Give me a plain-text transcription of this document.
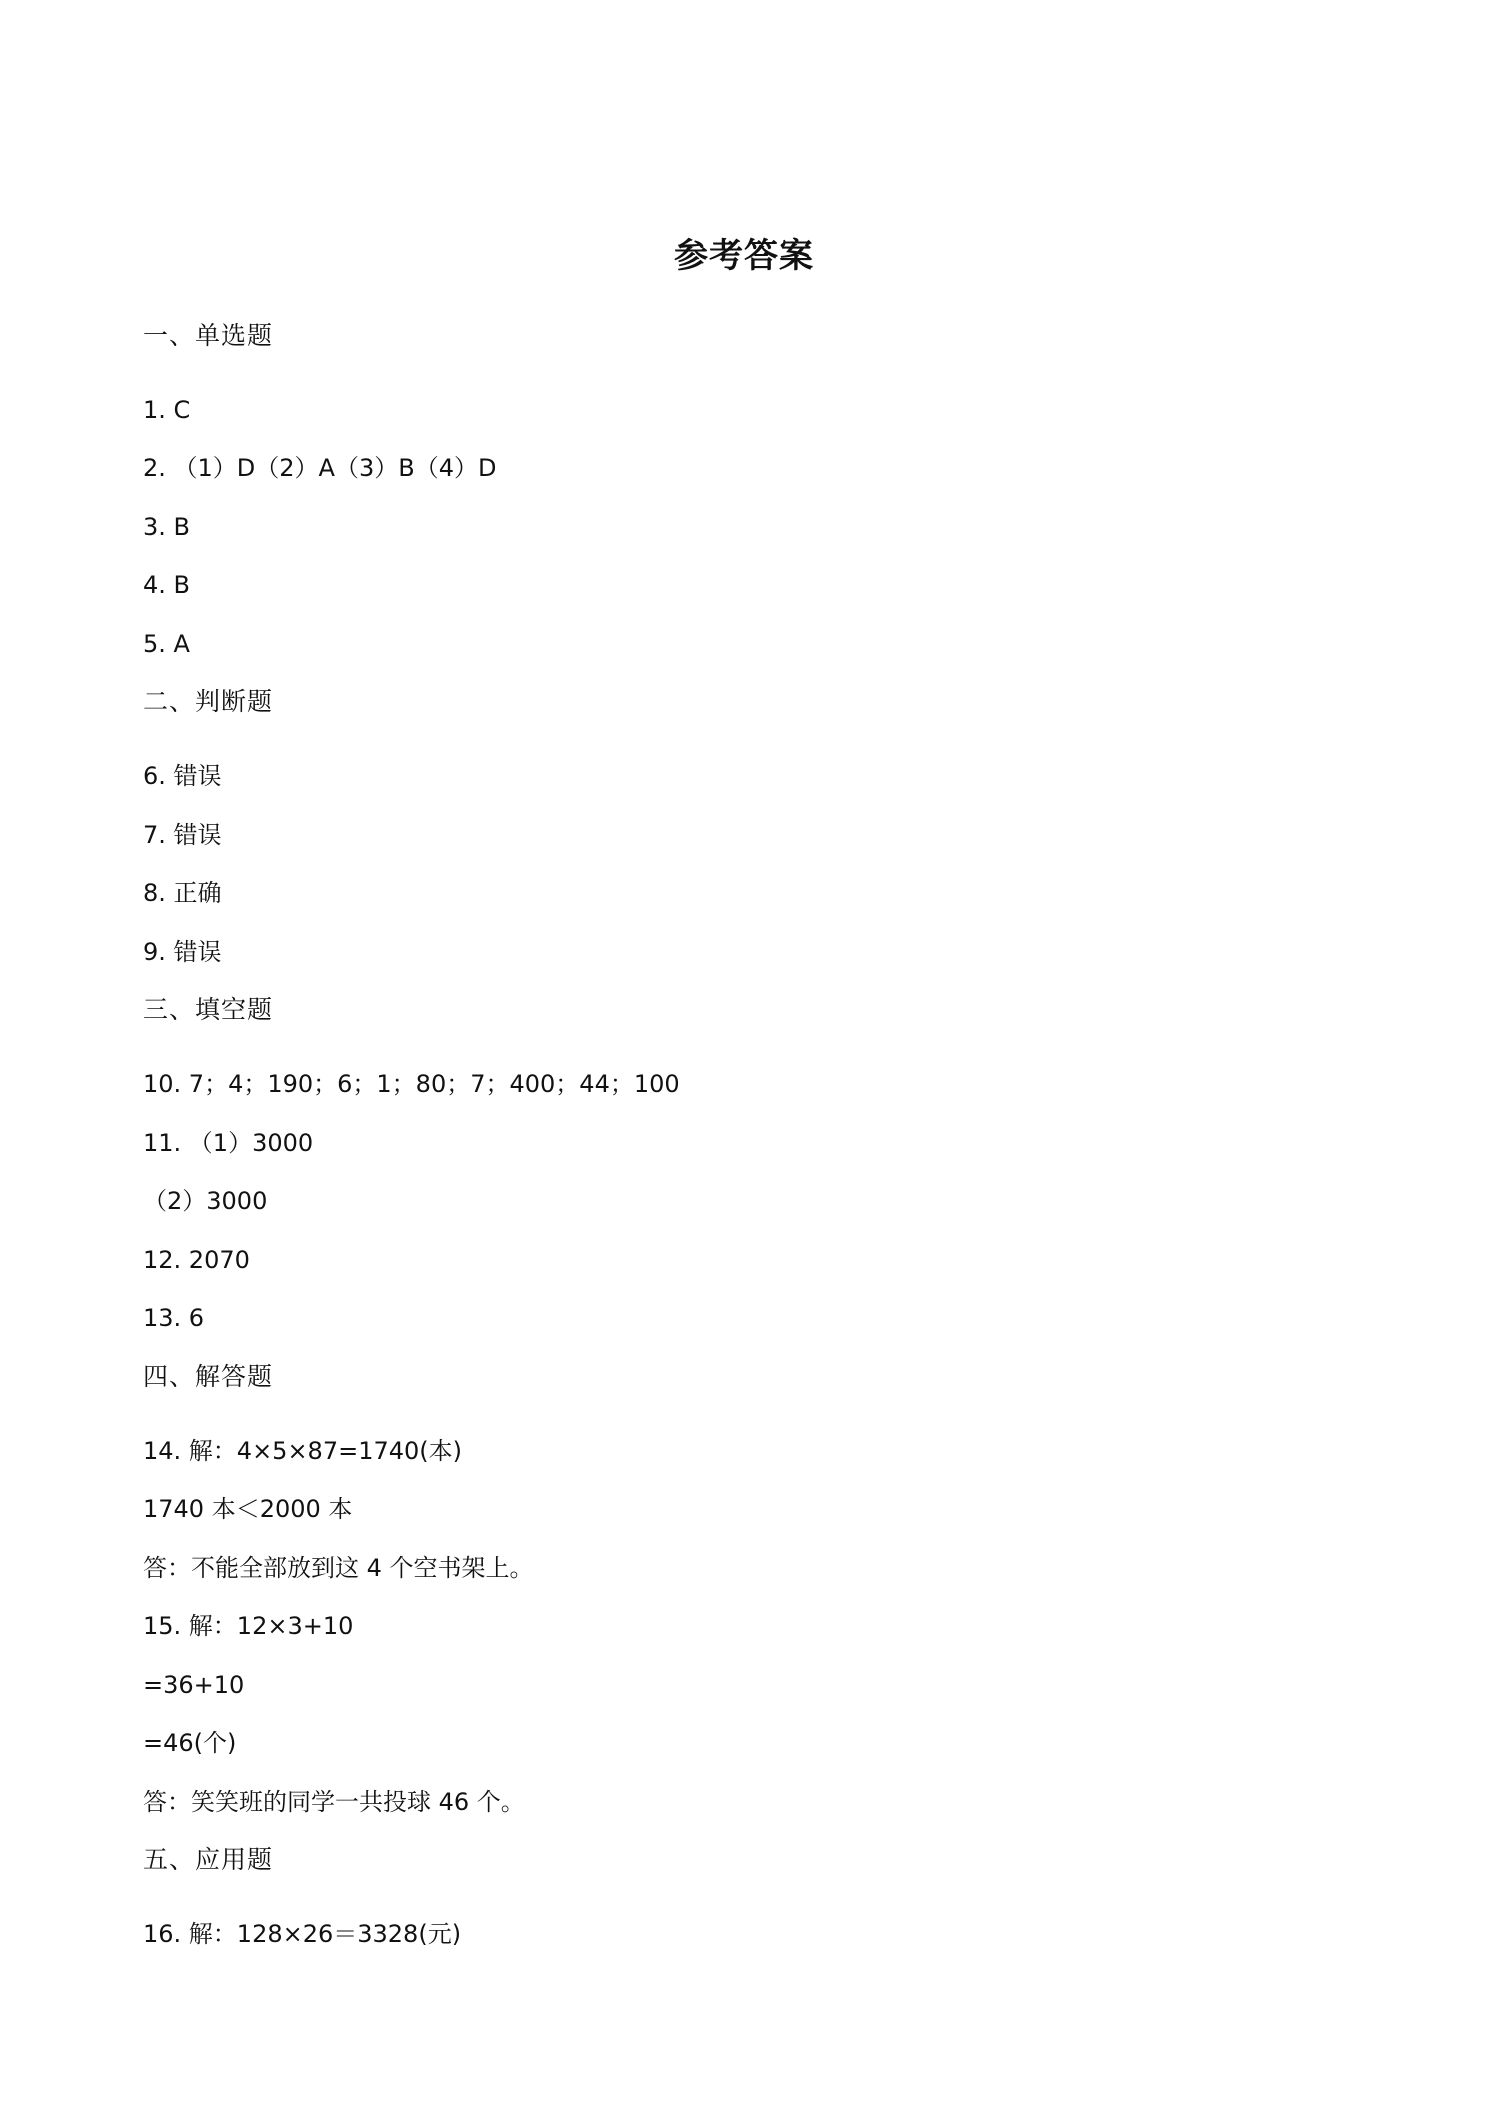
参考答案
一、单选题
1. C
2. （1）D（2）A（3）B（4）D
3. B
4. B
5. A
二、判断题
6. 错误
7. 错误
8. 正确
9. 错误
三、填空题
10. 7；4；190；6；1；80；7；400；44；100
11. （1）3000
（2）3000
12. 2070
13. 6
四、解答题
14. 解：4×5×87=1740(本)
1740 本＜2000 本
答：不能全部放到这 4 个空书架上。
15. 解：12×3+10
=36+10
=46(个)
答：笑笑班的同学一共投球 46 个。
五、应用题
16. 解：128×26＝3328(元)
